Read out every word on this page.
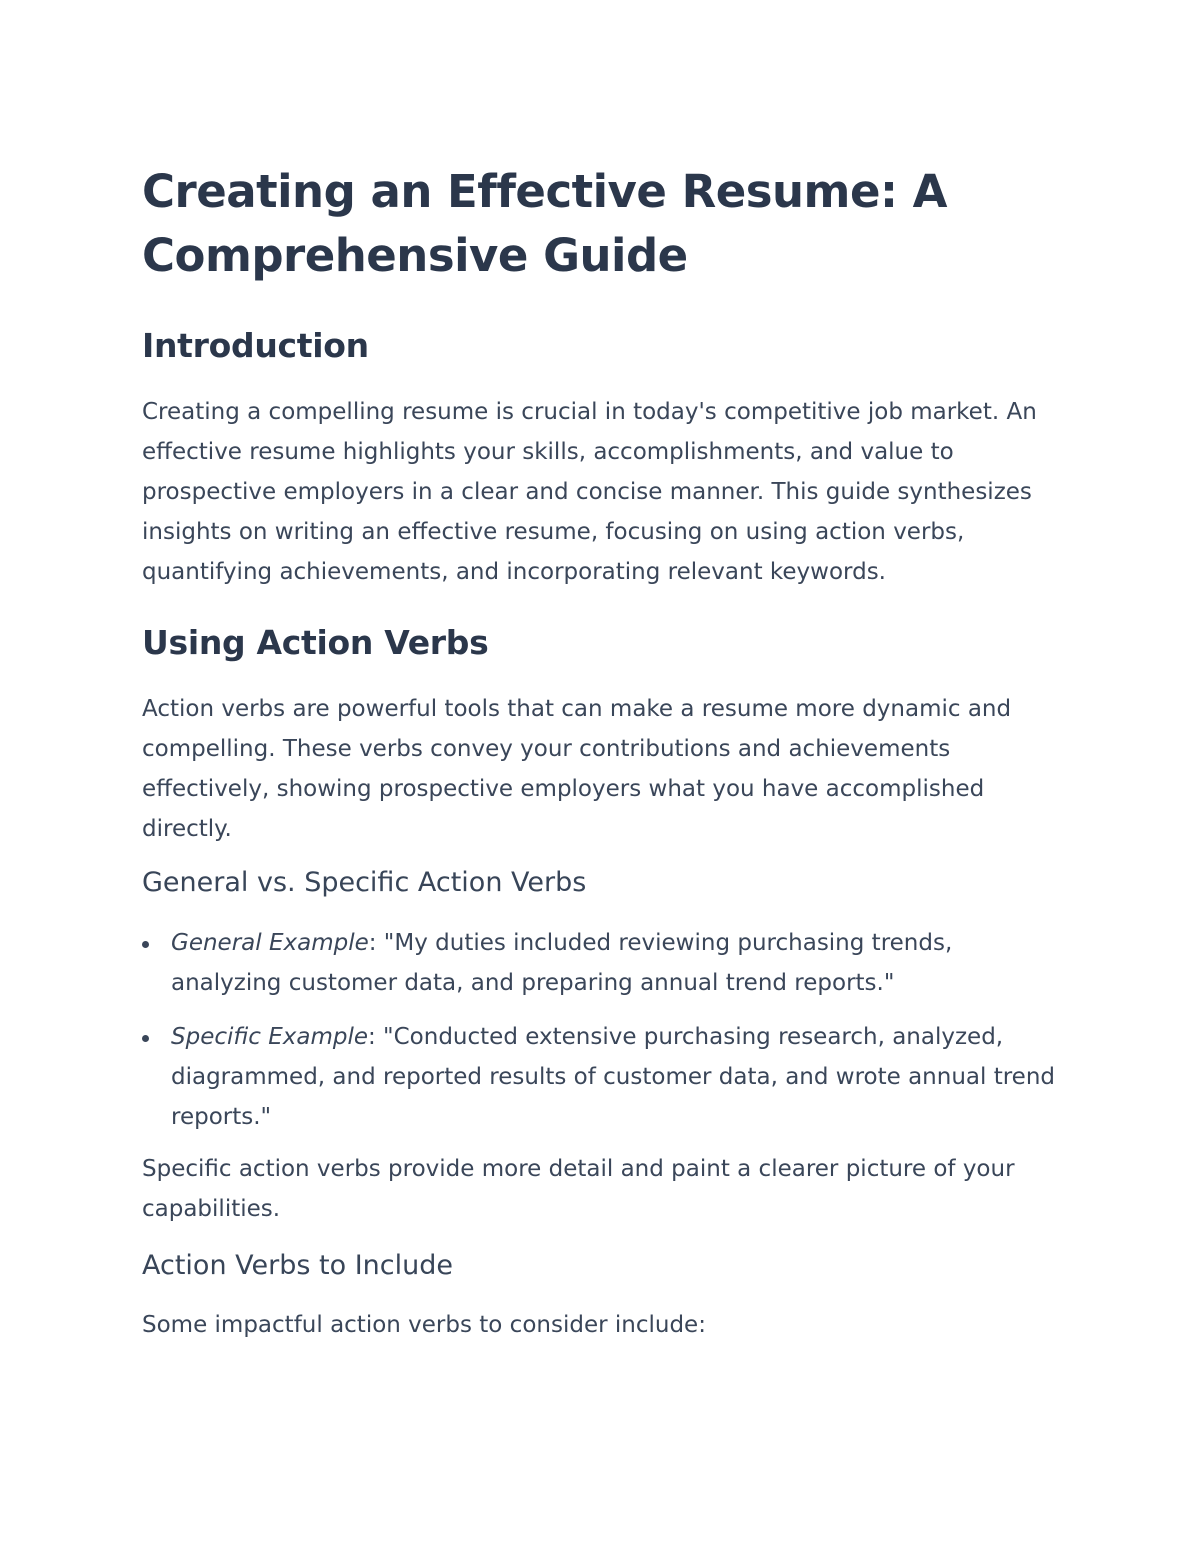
Creating an Effective Resume: A Comprehensive Guide
Introduction

Creating a compelling resume is crucial in today's competitive job market. An effective resume highlights your skills, accomplishments, and value to prospective employers in a clear and concise manner. This guide synthesizes insights on writing an effective resume, focusing on using action verbs, quantifying achievements, and incorporating relevant keywords.

Using Action Verbs

Action verbs are powerful tools that can make a resume more dynamic and compelling. These verbs convey your contributions and achievements effectively, showing prospective employers what you have accomplished directly.

General vs. Specific Action Verbs
General Example: "My duties included reviewing purchasing trends, analyzing customer data, and preparing annual trend reports."
Specific Example: "Conducted extensive purchasing research, analyzed, diagrammed, and reported results of customer data, and wrote annual trend reports."

Specific action verbs provide more detail and paint a clearer picture of your capabilities.

Action Verbs to Include

Some impactful action verbs to consider include:
